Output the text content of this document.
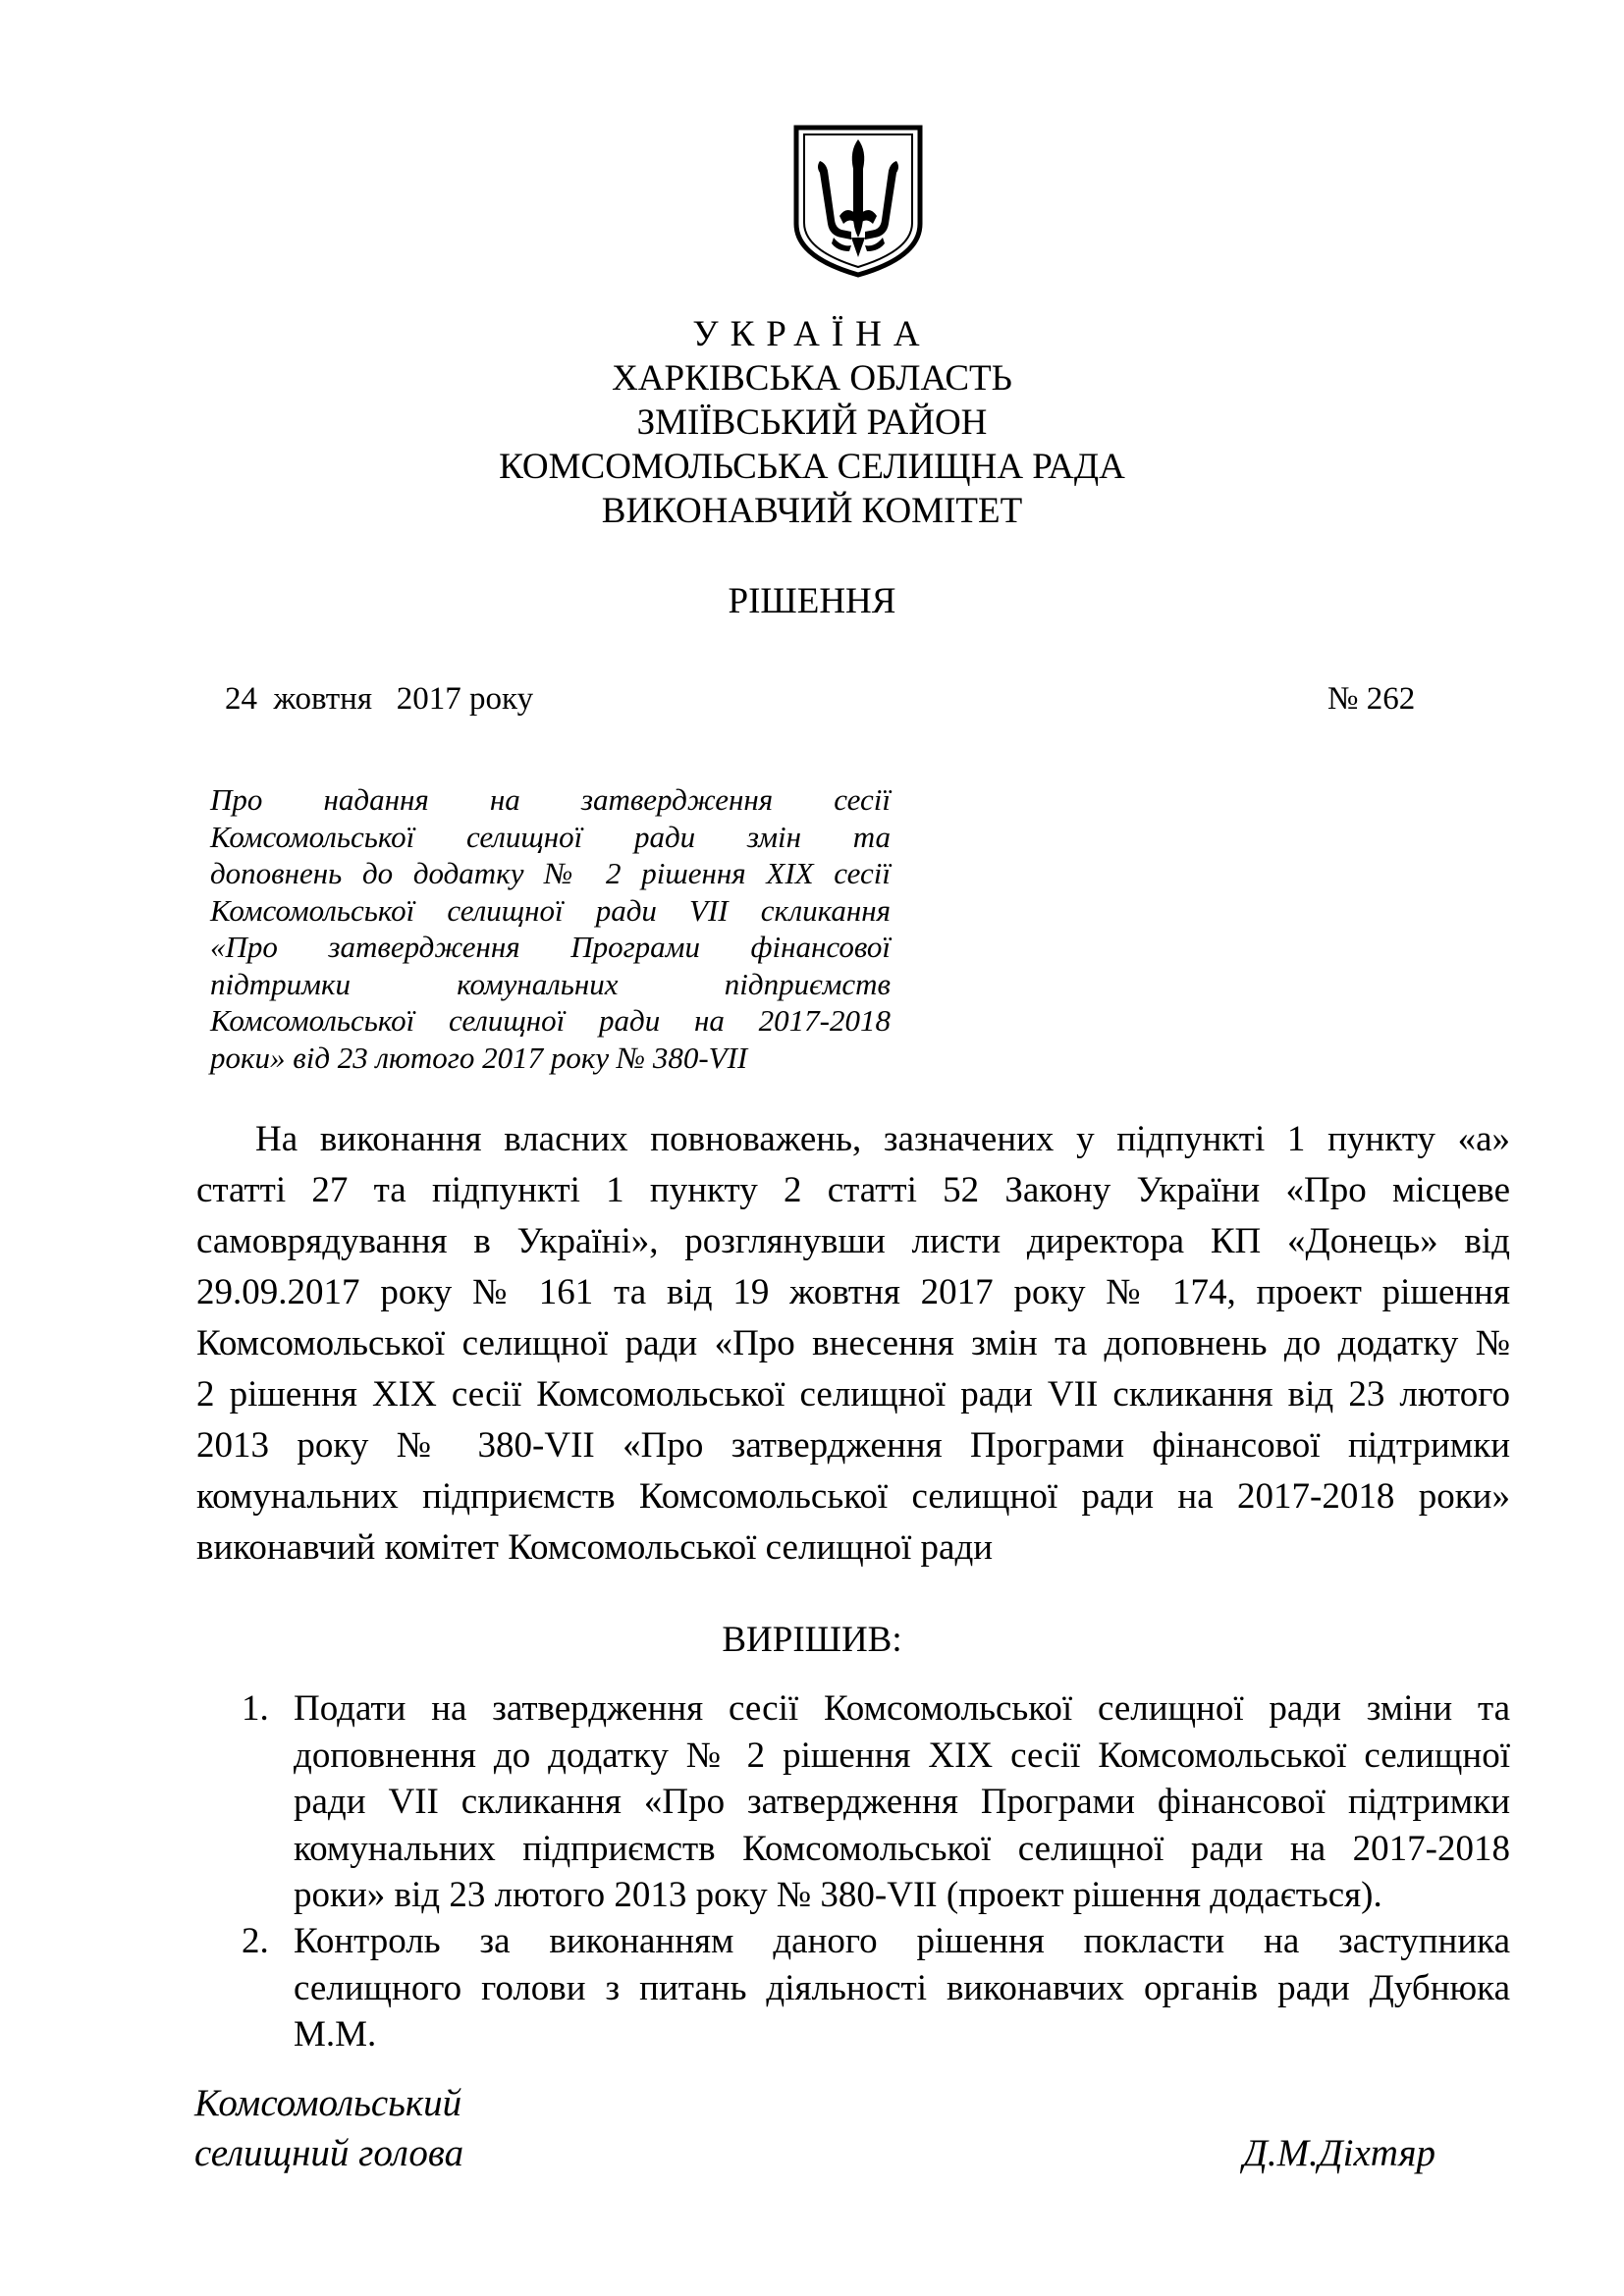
УКРАЇНА
ХАРКІВСЬКА ОБЛАСТЬ
ЗМІЇВСЬКИЙ РАЙОН
КОМСОМОЛЬСЬКА СЕЛИЩНА РАДА
ВИКОНАВЧИЙ КОМІТЕТ
РІШЕННЯ
24  жовтня   2017 року	№ 262
Про надання на затвердження сесії
Комсомольської селищної ради змін та
доповнень до додатку № 2 рішення ХІХ сесії
Комсомольської селищної ради VII скликання
«Про затвердження Програми фінансової
підтримки комунальних підприємств
Комсомольської селищної ради на 2017-2018
роки» від 23 лютого 2017 року № 380-VII
На виконання власних повноважень, зазначених у підпункті 1 пункту «а»
статті 27 та підпункті 1 пункту 2 статті 52 Закону України «Про місцеве
самоврядування в Україні», розглянувши листи директора КП «Донець» від
29.09.2017 року № 161 та від 19 жовтня 2017 року № 174, проект рішення
Комсомольської селищної ради «Про внесення змін та доповнень до додатку №
2 рішення ХІХ сесії Комсомольської селищної ради VII скликання від 23 лютого
2013 року № 380-VII «Про затвердження Програми фінансової підтримки
комунальних підприємств Комсомольської селищної ради на 2017-2018 роки»
виконавчий комітет Комсомольської селищної ради
ВИРІШИВ:
1. Подати на затвердження сесії Комсомольської селищної ради зміни та
доповнення до додатку № 2 рішення ХІХ сесії Комсомольської селищної
ради VII скликання «Про затвердження Програми фінансової підтримки
комунальних підприємств Комсомольської селищної ради на 2017-2018
роки» від 23 лютого 2013 року № 380-VII (проект рішення додається).
2. Контроль за виконанням даного рішення покласти на заступника
селищного голови з питань діяльності виконавчих органів ради Дубнюка
М.М.
Комсомольський
селищний голова	Д.М.Діхтяр
